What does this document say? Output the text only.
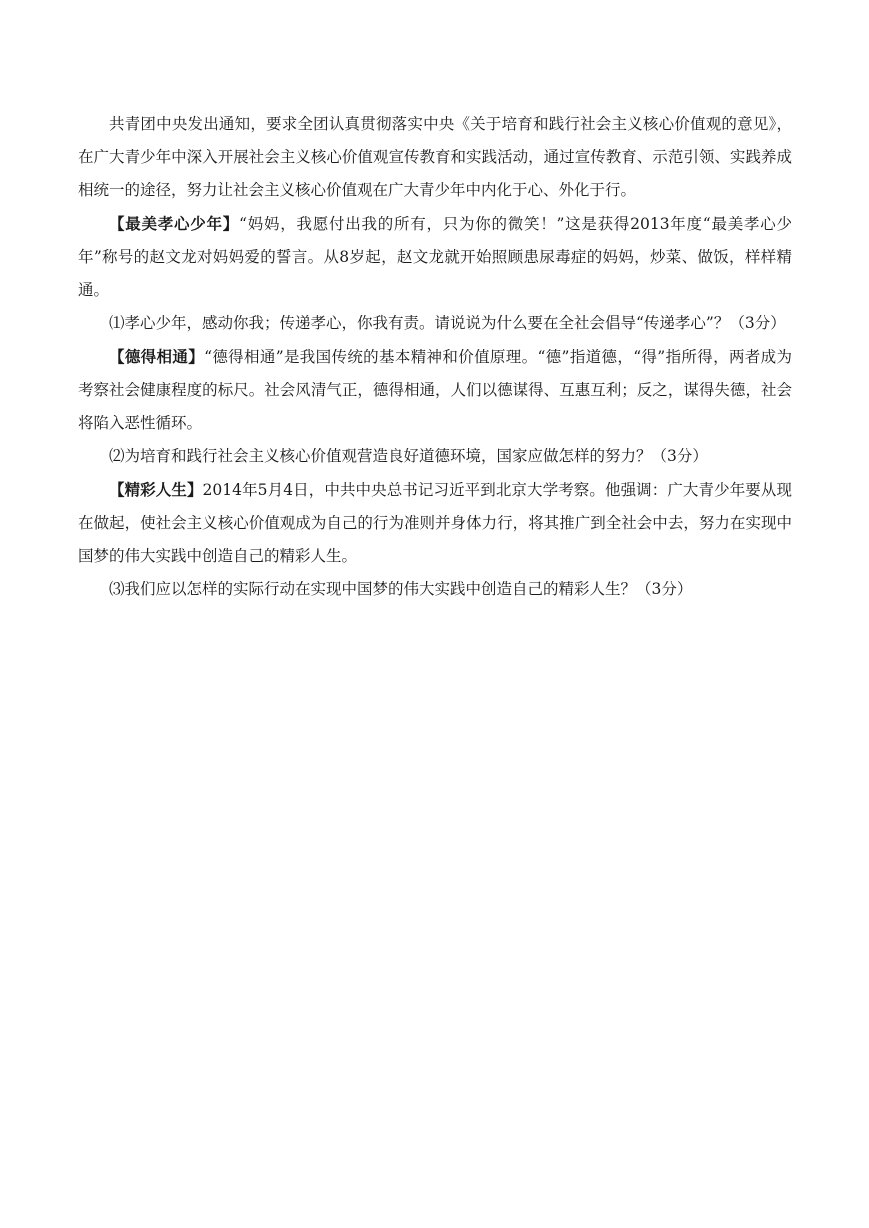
共青团中央发出通知，要求全团认真贯彻落实中央《关于培育和践行社会主义核心价值观的意见》，在广大青少年中深入开展社会主义核心价值观宣传教育和实践活动，通过宣传教育、示范引领、实践养成相统一的途径，努力让社会主义核心价值观在广大青少年中内化于心、外化于行。

【最美孝心少年】“妈妈，我愿付出我的所有，只为你的微笑！”这是获得2013年度“最美孝心少年”称号的赵文龙对妈妈爱的誓言。从8岁起，赵文龙就开始照顾患尿毒症的妈妈，炒菜、做饭，样样精通。

⑴孝心少年，感动你我；传递孝心，你我有责。请说说为什么要在全社会倡导“传递孝心”？（3分）

【德得相通】“德得相通”是我国传统的基本精神和价值原理。“德”指道德，“得”指所得，两者成为考察社会健康程度的标尺。社会风清气正，德得相通，人们以德谋得、互惠互利；反之，谋得失德，社会将陷入恶性循环。

⑵为培育和践行社会主义核心价值观营造良好道德环境，国家应做怎样的努力？（3分）

【精彩人生】2014年5月4日，中共中央总书记习近平到北京大学考察。他强调：广大青少年要从现在做起，使社会主义核心价值观成为自己的行为准则并身体力行，将其推广到全社会中去，努力在实现中国梦的伟大实践中创造自己的精彩人生。

⑶我们应以怎样的实际行动在实现中国梦的伟大实践中创造自己的精彩人生？（3分）
